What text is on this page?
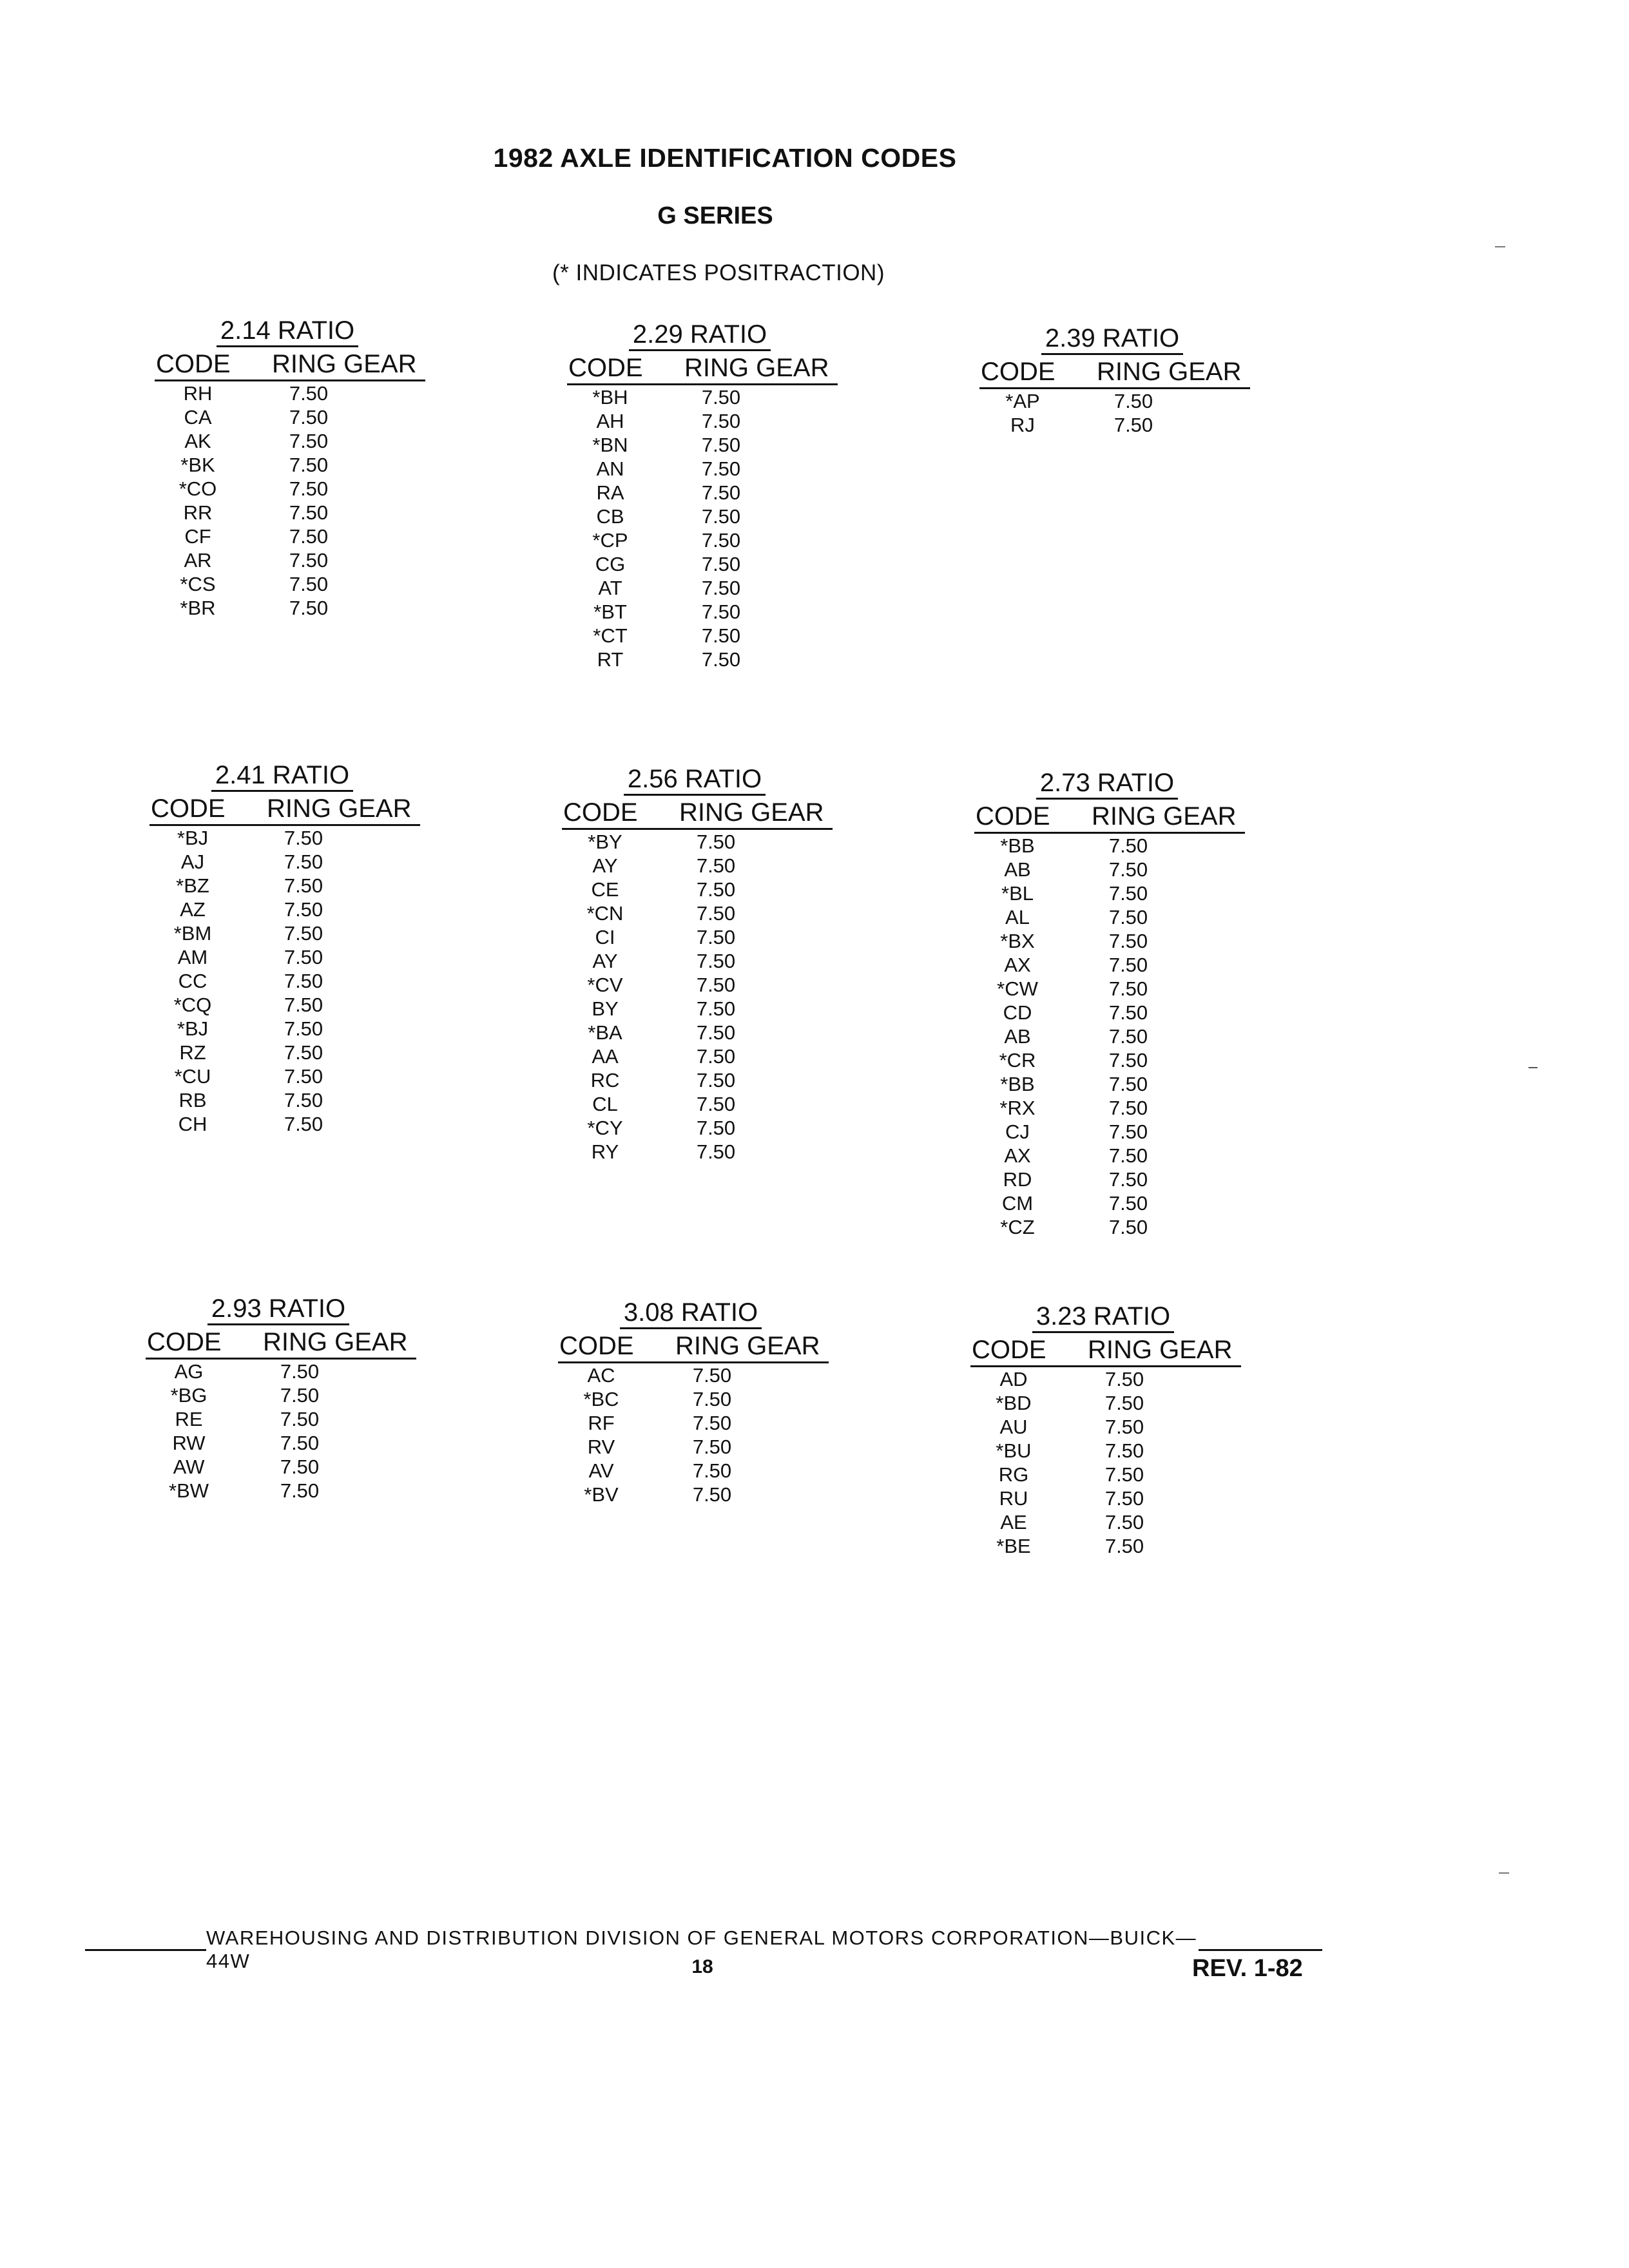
1982 AXLE IDENTIFICATION CODES
G SERIES
(* INDICATES POSITRACTION)
2.14 RATIO
CODE	RING GEAR
RH	7.50
CA	7.50
AK	7.50
*BK	7.50
*CO	7.50
RR	7.50
CF	7.50
AR	7.50
*CS	7.50
*BR	7.50
2.29 RATIO
CODE	RING GEAR
*BH	7.50
AH	7.50
*BN	7.50
AN	7.50
RA	7.50
CB	7.50
*CP	7.50
CG	7.50
AT	7.50
*BT	7.50
*CT	7.50
RT	7.50
2.39 RATIO
CODE	RING GEAR
*AP	7.50
RJ	7.50
2.41 RATIO
CODE	RING GEAR
*BJ	7.50
AJ	7.50
*BZ	7.50
AZ	7.50
*BM	7.50
AM	7.50
CC	7.50
*CQ	7.50
*BJ	7.50
RZ	7.50
*CU	7.50
RB	7.50
CH	7.50
2.56 RATIO
CODE	RING GEAR
*BY	7.50
AY	7.50
CE	7.50
*CN	7.50
CI	7.50
AY	7.50
*CV	7.50
BY	7.50
*BA	7.50
AA	7.50
RC	7.50
CL	7.50
*CY	7.50
RY	7.50
2.73 RATIO
CODE	RING GEAR
*BB	7.50
AB	7.50
*BL	7.50
AL	7.50
*BX	7.50
AX	7.50
*CW	7.50
CD	7.50
AB	7.50
*CR	7.50
*BB	7.50
*RX	7.50
CJ	7.50
AX	7.50
RD	7.50
CM	7.50
*CZ	7.50
2.93 RATIO
CODE	RING GEAR
AG	7.50
*BG	7.50
RE	7.50
RW	7.50
AW	7.50
*BW	7.50
3.08 RATIO
CODE	RING GEAR
AC	7.50
*BC	7.50
RF	7.50
RV	7.50
AV	7.50
*BV	7.50
3.23 RATIO
CODE	RING GEAR
AD	7.50
*BD	7.50
AU	7.50
*BU	7.50
RG	7.50
RU	7.50
AE	7.50
*BE	7.50
WAREHOUSING AND DISTRIBUTION DIVISION OF GENERAL MOTORS CORPORATION—BUICK—44W	18	REV. 1-82
